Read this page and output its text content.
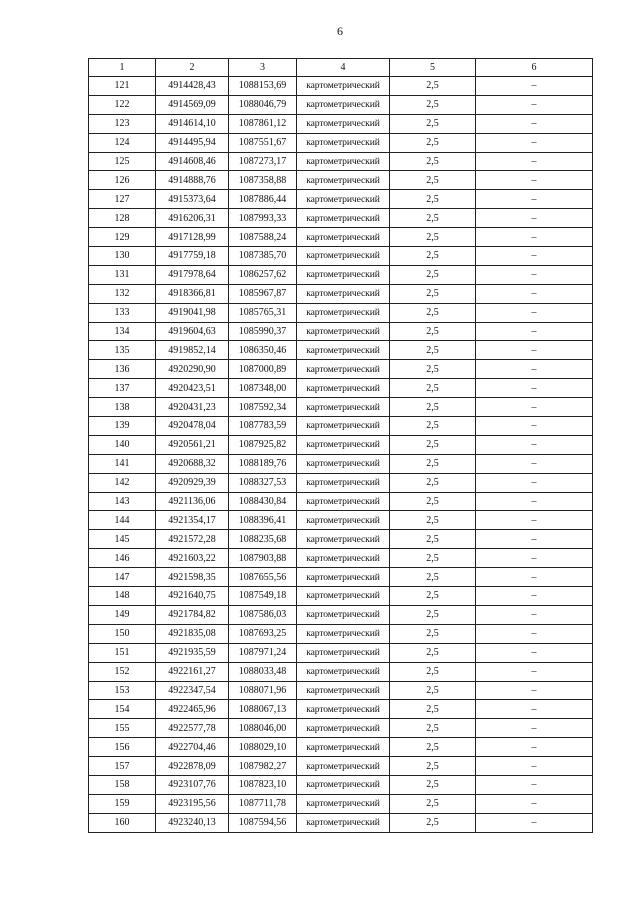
6
1	2	3	4	5	6
121	4914428,43	1088153,69	картометрический	2,5	–
122	4914569,09	1088046,79	картометрический	2,5	–
123	4914614,10	1087861,12	картометрический	2,5	–
124	4914495,94	1087551,67	картометрический	2,5	–
125	4914608,46	1087273,17	картометрический	2,5	–
126	4914888,76	1087358,88	картометрический	2,5	–
127	4915373,64	1087886,44	картометрический	2,5	–
128	4916206,31	1087993,33	картометрический	2,5	–
129	4917128,99	1087588,24	картометрический	2,5	–
130	4917759,18	1087385,70	картометрический	2,5	–
131	4917978,64	1086257,62	картометрический	2,5	–
132	4918366,81	1085967,87	картометрический	2,5	–
133	4919041,98	1085765,31	картометрический	2,5	–
134	4919604,63	1085990,37	картометрический	2,5	–
135	4919852,14	1086350,46	картометрический	2,5	–
136	4920290,90	1087000,89	картометрический	2,5	–
137	4920423,51	1087348,00	картометрический	2,5	–
138	4920431,23	1087592,34	картометрический	2,5	–
139	4920478,04	1087783,59	картометрический	2,5	–
140	4920561,21	1087925,82	картометрический	2,5	–
141	4920688,32	1088189,76	картометрический	2,5	–
142	4920929,39	1088327,53	картометрический	2,5	–
143	4921136,06	1088430,84	картометрический	2,5	–
144	4921354,17	1088396,41	картометрический	2,5	–
145	4921572,28	1088235,68	картометрический	2,5	–
146	4921603,22	1087903,88	картометрический	2,5	–
147	4921598,35	1087655,56	картометрический	2,5	–
148	4921640,75	1087549,18	картометрический	2,5	–
149	4921784,82	1087586,03	картометрический	2,5	–
150	4921835,08	1087693,25	картометрический	2,5	–
151	4921935,59	1087971,24	картометрический	2,5	–
152	4922161,27	1088033,48	картометрический	2,5	–
153	4922347,54	1088071,96	картометрический	2,5	–
154	4922465,96	1088067,13	картометрический	2,5	–
155	4922577,78	1088046,00	картометрический	2,5	–
156	4922704,46	1088029,10	картометрический	2,5	–
157	4922878,09	1087982,27	картометрический	2,5	–
158	4923107,76	1087823,10	картометрический	2,5	–
159	4923195,56	1087711,78	картометрический	2,5	–
160	4923240,13	1087594,56	картометрический	2,5	–
